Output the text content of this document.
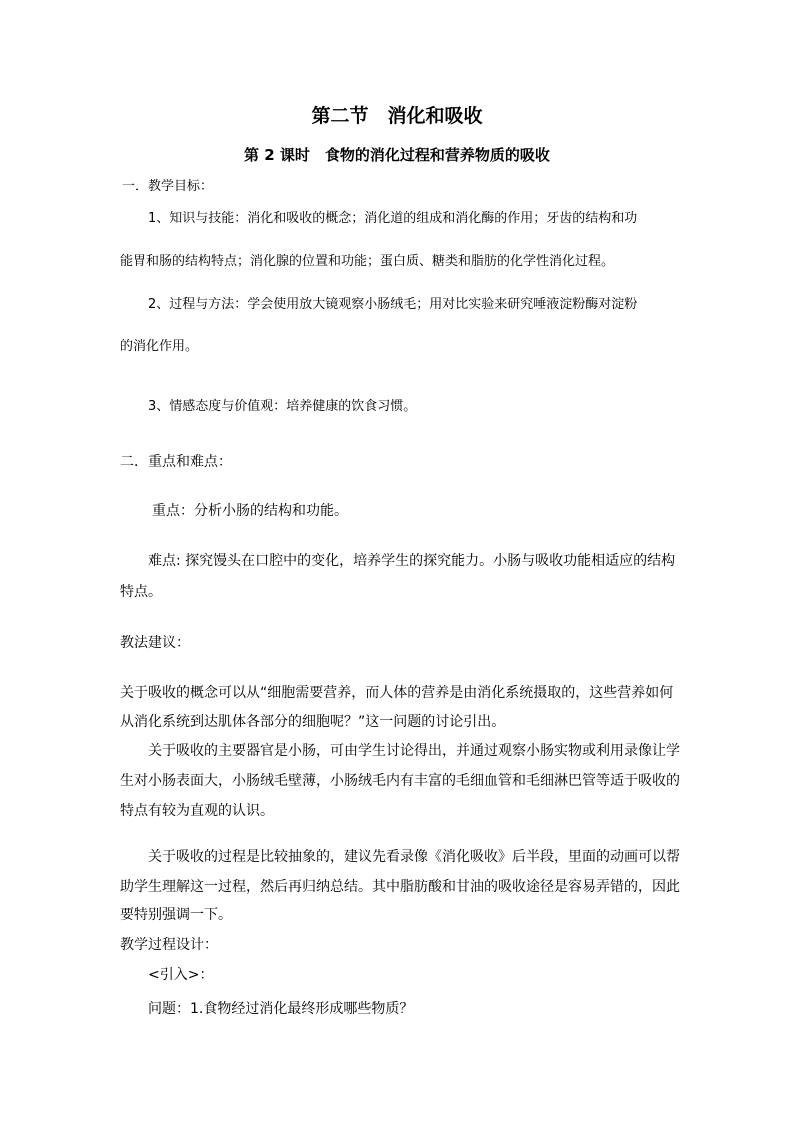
第二节　消化和吸收
第 2 课时　食物的消化过程和营养物质的吸收
一．教学目标：
1、知识与技能：消化和吸收的概念；消化道的组成和消化酶的作用；牙齿的结构和功
能胃和肠的结构特点；消化腺的位置和功能；蛋白质、糖类和脂肪的化学性消化过程。
2、过程与方法：学会使用放大镜观察小肠绒毛；用对比实验来研究唾液淀粉酶对淀粉
的消化作用。
3、情感态度与价值观：培养健康的饮食习惯。
二．重点和难点：
重点：分析小肠的结构和功能。
难点: 探究馒头在口腔中的变化，培养学生的探究能力。小肠与吸收功能相适应的结构
特点。
教法建议：
关于吸收的概念可以从“细胞需要营养，而人体的营养是由消化系统摄取的，这些营养如何
从消化系统到达肌体各部分的细胞呢？”这一问题的讨论引出。
关于吸收的主要器官是小肠，可由学生讨论得出，并通过观察小肠实物或利用录像让学
生对小肠表面大，小肠绒毛壁薄，小肠绒毛内有丰富的毛细血管和毛细淋巴管等适于吸收的
特点有较为直观的认识。
关于吸收的过程是比较抽象的，建议先看录像《消化吸收》后半段，里面的动画可以帮
助学生理解这一过程，然后再归纳总结。其中脂肪酸和甘油的吸收途径是容易弄错的，因此
要特别强调一下。
教学过程设计：
<引入>：
问题：1.食物经过消化最终形成哪些物质？
